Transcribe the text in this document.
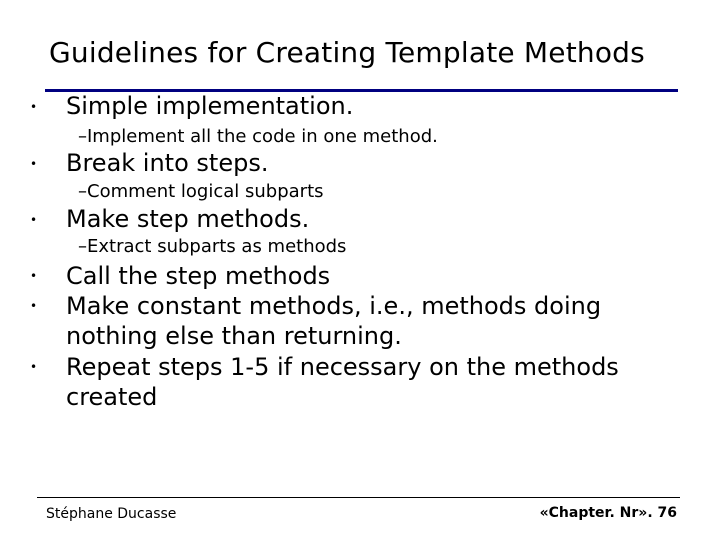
Guidelines for Creating Template Methods
• Simple implementation.
–Implement all the code in one method.
• Break into steps.
–Comment logical subparts
• Make step methods.
–Extract subparts as methods
• Call the step methods
• Make constant methods, i.e., methods doing
nothing else than returning.
• Repeat steps 1-5 if necessary on the methods
created
Stéphane Ducasse	«Chapter. Nr». 76
